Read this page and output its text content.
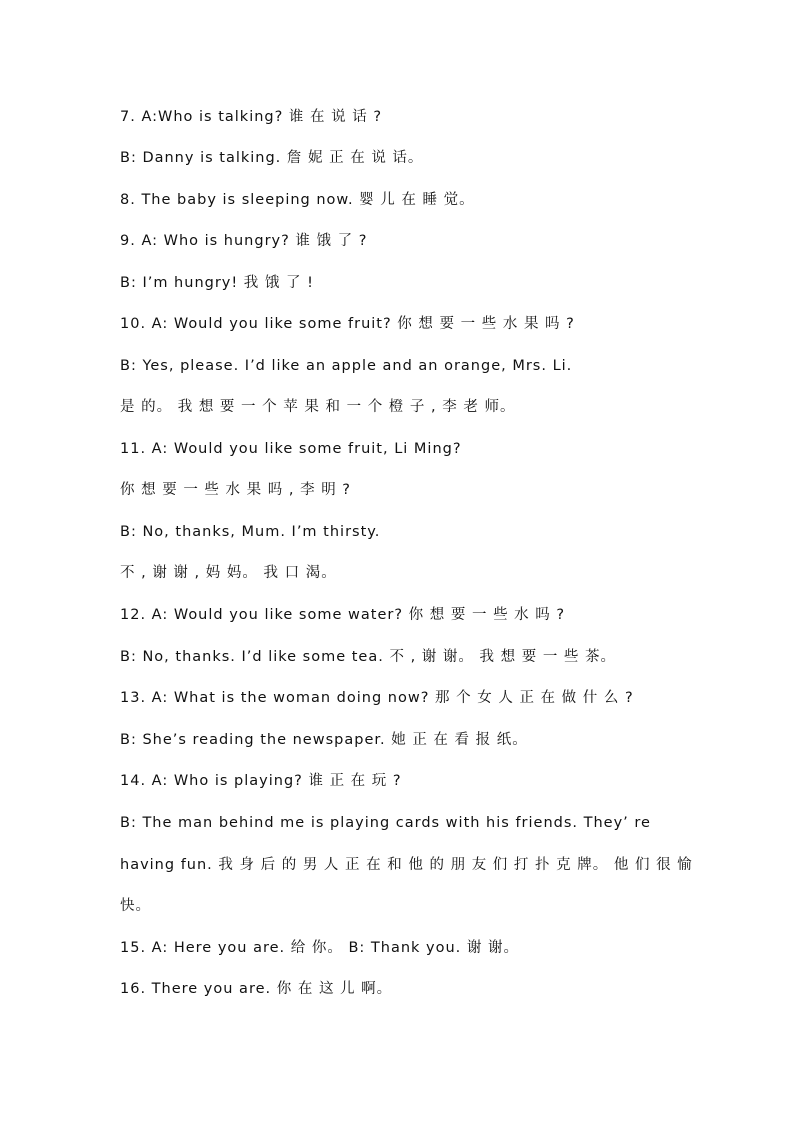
7. A:Who is talking? 谁 在 说 话 ?
B: Danny is talking. 詹 妮 正 在 说 话。
8. The baby is sleeping now. 婴 儿 在 睡 觉。
9. A: Who is hungry? 谁 饿 了 ?
B: I’m hungry! 我 饿 了 !
10. A: Would you like some fruit? 你 想 要 一 些 水 果 吗 ?
B: Yes, please. I’d like an apple and an orange, Mrs. Li.
是 的。 我 想 要 一 个 苹 果 和 一 个 橙 子 , 李 老 师。
11. A: Would you like some fruit, Li Ming?
你 想 要 一 些 水 果 吗 , 李 明 ?
B: No, thanks, Mum. I’m thirsty.
不 , 谢 谢 , 妈 妈。 我 口 渴。
12. A: Would you like some water? 你 想 要 一 些 水 吗 ?
B: No, thanks. I’d like some tea. 不 , 谢 谢。 我 想 要 一 些 茶。
13. A: What is the woman doing now? 那 个 女 人 正 在 做 什 么 ?
B: She’s reading the newspaper. 她 正 在 看 报 纸。
14. A: Who is playing? 谁 正 在 玩 ?
B: The man behind me is playing cards with his friends. They’ re
having fun. 我 身 后 的 男 人 正 在 和 他 的 朋 友 们 打 扑 克 牌。 他 们 很 愉
快。
15. A: Here you are. 给 你。 B: Thank you. 谢 谢。
16. There you are. 你 在 这 儿 啊。
